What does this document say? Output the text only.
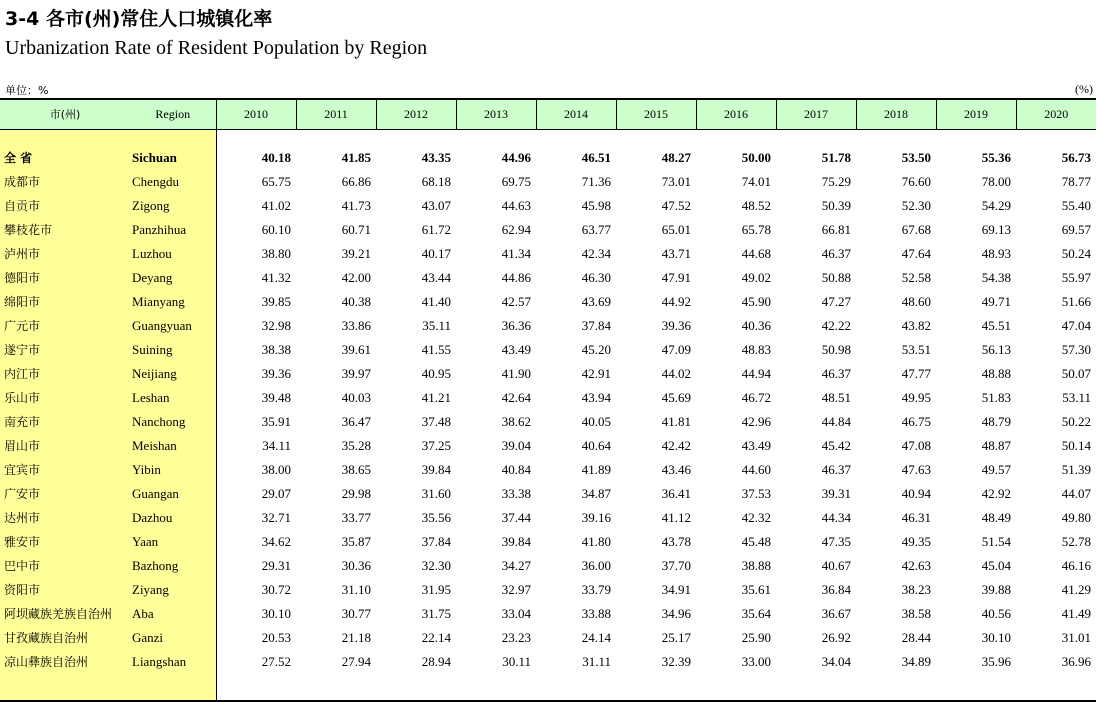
3-4 各市(州)常住人口城镇化率
Urbanization Rate of Resident Population by Region
单位：%	(%)
市(州)	Region	2010	2011	2012	2013	2014	2015	2016	2017	2018	2019	2020

全 省	Sichuan	40.18	41.85	43.35	44.96	46.51	48.27	50.00	51.78	53.50	55.36	56.73
成都市	Chengdu	65.75	66.86	68.18	69.75	71.36	73.01	74.01	75.29	76.60	78.00	78.77
自贡市	Zigong	41.02	41.73	43.07	44.63	45.98	47.52	48.52	50.39	52.30	54.29	55.40
攀枝花市	Panzhihua	60.10	60.71	61.72	62.94	63.77	65.01	65.78	66.81	67.68	69.13	69.57
泸州市	Luzhou	38.80	39.21	40.17	41.34	42.34	43.71	44.68	46.37	47.64	48.93	50.24
德阳市	Deyang	41.32	42.00	43.44	44.86	46.30	47.91	49.02	50.88	52.58	54.38	55.97
绵阳市	Mianyang	39.85	40.38	41.40	42.57	43.69	44.92	45.90	47.27	48.60	49.71	51.66
广元市	Guangyuan	32.98	33.86	35.11	36.36	37.84	39.36	40.36	42.22	43.82	45.51	47.04
遂宁市	Suining	38.38	39.61	41.55	43.49	45.20	47.09	48.83	50.98	53.51	56.13	57.30
内江市	Neijiang	39.36	39.97	40.95	41.90	42.91	44.02	44.94	46.37	47.77	48.88	50.07
乐山市	Leshan	39.48	40.03	41.21	42.64	43.94	45.69	46.72	48.51	49.95	51.83	53.11
南充市	Nanchong	35.91	36.47	37.48	38.62	40.05	41.81	42.96	44.84	46.75	48.79	50.22
眉山市	Meishan	34.11	35.28	37.25	39.04	40.64	42.42	43.49	45.42	47.08	48.87	50.14
宜宾市	Yibin	38.00	38.65	39.84	40.84	41.89	43.46	44.60	46.37	47.63	49.57	51.39
广安市	Guangan	29.07	29.98	31.60	33.38	34.87	36.41	37.53	39.31	40.94	42.92	44.07
达州市	Dazhou	32.71	33.77	35.56	37.44	39.16	41.12	42.32	44.34	46.31	48.49	49.80
雅安市	Yaan	34.62	35.87	37.84	39.84	41.80	43.78	45.48	47.35	49.35	51.54	52.78
巴中市	Bazhong	29.31	30.36	32.30	34.27	36.00	37.70	38.88	40.67	42.63	45.04	46.16
资阳市	Ziyang	30.72	31.10	31.95	32.97	33.79	34.91	35.61	36.84	38.23	39.88	41.29
阿坝藏族羌族自治州	Aba	30.10	30.77	31.75	33.04	33.88	34.96	35.64	36.67	38.58	40.56	41.49
甘孜藏族自治州	Ganzi	20.53	21.18	22.14	23.23	24.14	25.17	25.90	26.92	28.44	30.10	31.01
凉山彝族自治州	Liangshan	27.52	27.94	28.94	30.11	31.11	32.39	33.00	34.04	34.89	35.96	36.96
